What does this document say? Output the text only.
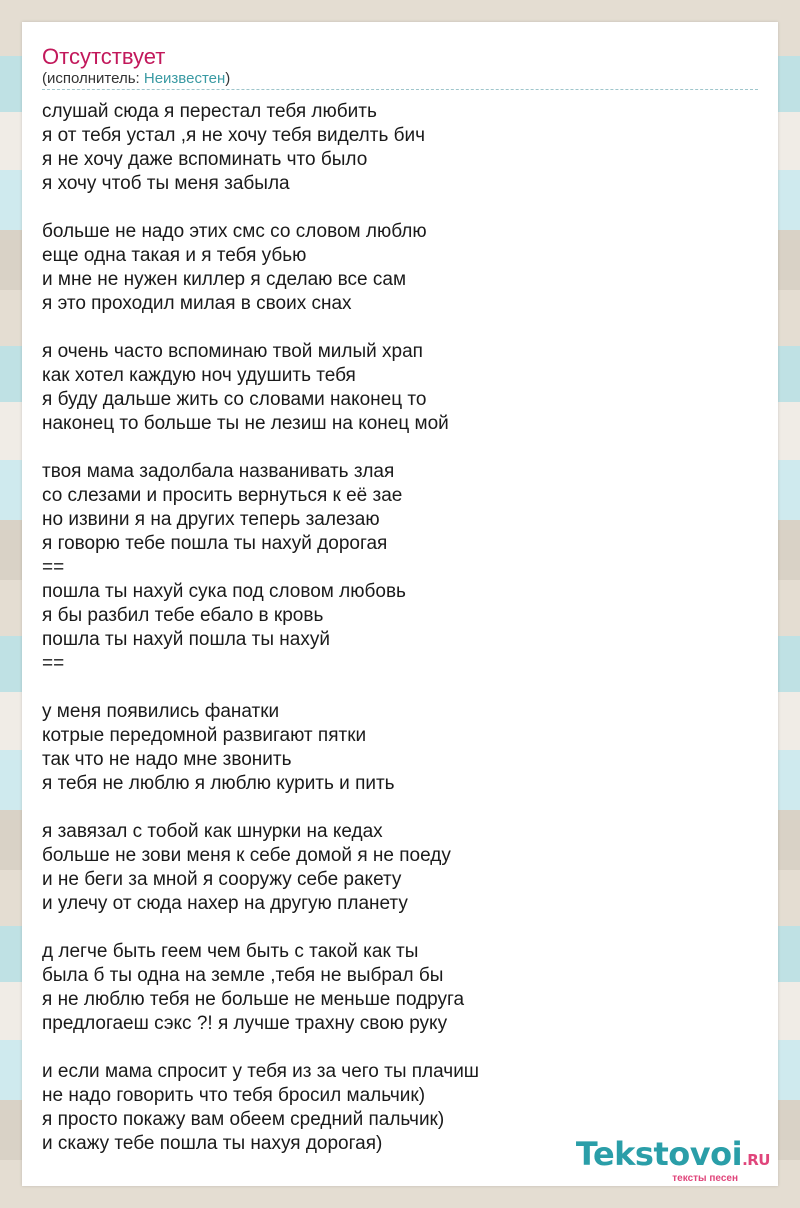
Отсутствует
(исполнитель: Неизвестен)
слушай сюда я перестал тебя любить
я от тебя устал ,я не хочу тебя виделть бич
я не хочу даже вспоминать что было
я хочу чтоб ты меня забыла
больше не надо этих смс со словом люблю
еще одна такая и я тебя убью
и мне не нужен киллер я сделаю все сам
я это проходил милая в своих снах
я очень часто вспоминаю твой милый храп
как хотел каждую ноч удушить тебя
я буду дальше жить со словами наконец то
наконец то больше ты не лезиш на конец мой
твоя мама задолбала названивать злая
со слезами и просить вернуться к её зае
но извини я на других теперь залезаю
я говорю тебе пошла ты нахуй дорогая
==
пошла ты нахуй сука под словом любовь
я бы разбил тебе ебало в кровь
пошла ты нахуй пошла ты нахуй
==
у меня появились фанатки
котрые передомной развигают пятки
так что не надо мне звонить
я тебя не люблю я люблю курить и пить
я завязал с тобой как шнурки на кедах
больше не зови меня к себе домой я не поеду
и не беги за мной я сооружу себе ракету
и улечу от сюда нахер на другую планету
д легче быть геем чем быть с такой как ты
была б ты одна на земле ,тебя не выбрал бы
я не люблю тебя не больше не меньше подруга
предлогаеш сэкс ?! я лучше трахну свою руку
и если мама спросит у тебя из за чего ты плачиш
не надо говорить что тебя бросил мальчик)
я просто покажу вам обеем средний пальчик)
и скажу тебе пошла ты нахуя дорогая)	Tekstovoi.RU
тексты песен
